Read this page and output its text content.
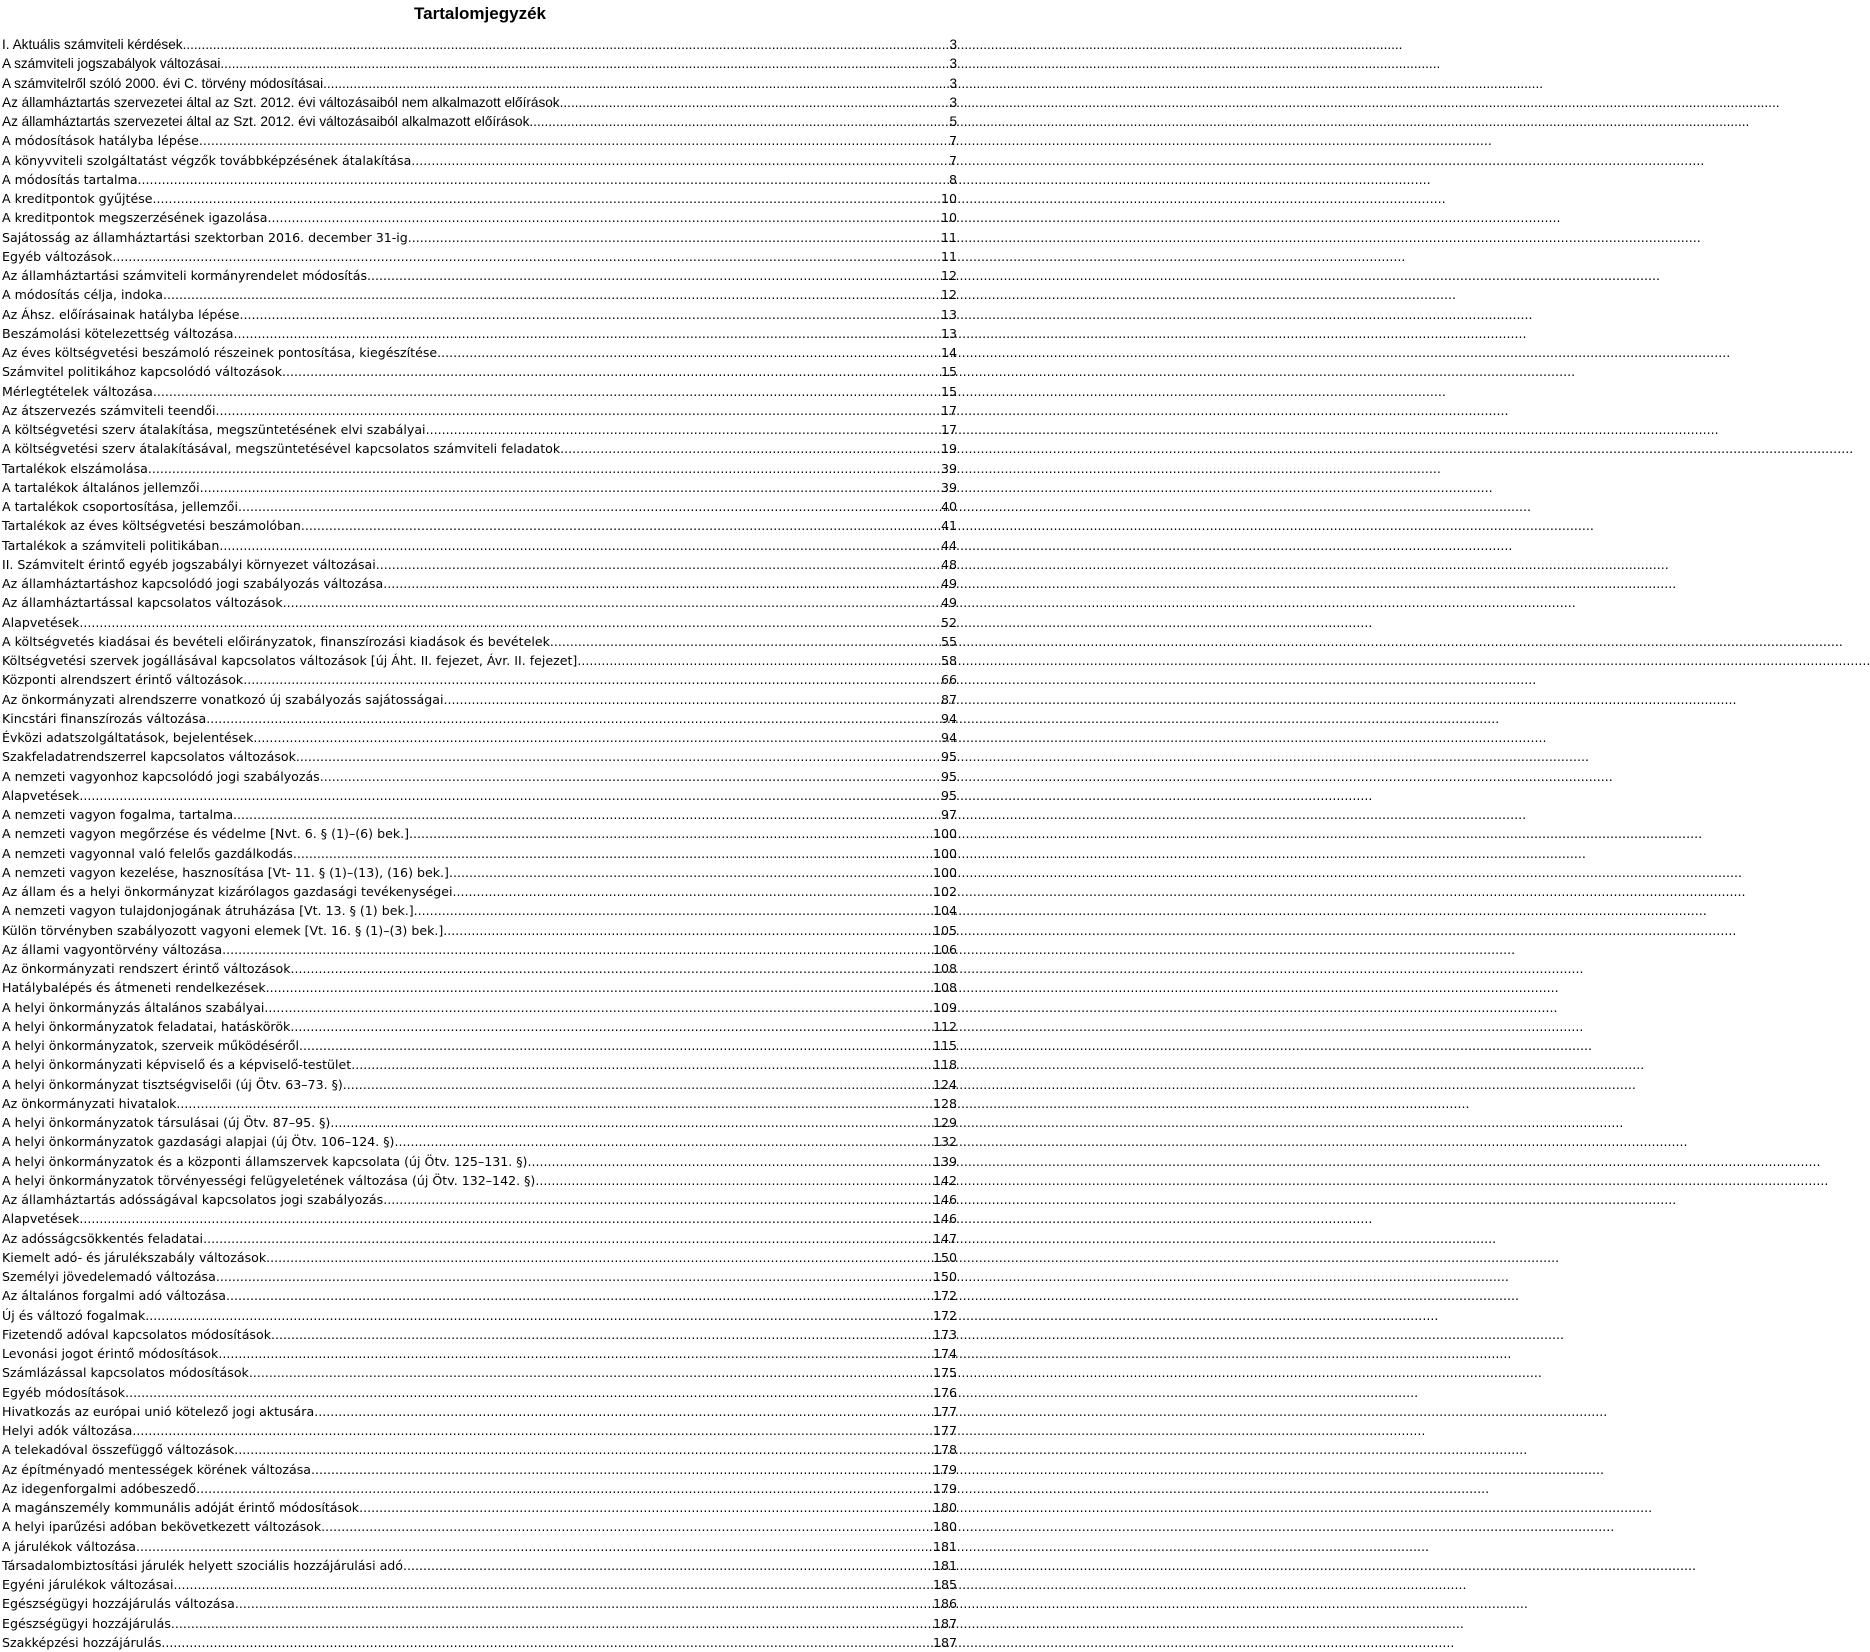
Tartalomjegyzék
I. Aktuális számviteli kérdések .....	3
A számviteli jogszabályok változásai .....	3
A számvitelről szóló 2000. évi C. törvény módosításai .....	3
Az államháztartás szervezetei által az Szt. 2012. évi változásaiból nem alkalmazott előírások .....	3
Az államháztartás szervezetei által az Szt. 2012. évi változásaiból alkalmazott előírások .....	5
A módosítások hatályba lépése .....	7
A könyvviteli szolgáltatást végzők továbbképzésének átalakítása .....	7
A módosítás tartalma .....	8
A kreditpontok gyűjtése .....	10
A kreditpontok megszerzésének igazolása .....	10
Sajátosság az államháztartási szektorban 2016. december 31-ig .....	11
Egyéb változások .....	11
Az államháztartási számviteli kormányrendelet módosítás .....	12
A módosítás célja, indoka .....	12
Az Áhsz. előírásainak hatályba lépése .....	13
Beszámolási kötelezettség változása .....	13
Az éves költségvetési beszámoló részeinek pontosítása, kiegészítése .....	14
Számvitel politikához kapcsolódó változások .....	15
Mérlegtételek változása .....	15
Az átszervezés számviteli teendői .....	17
A költségvetési szerv átalakítása, megszüntetésének elvi szabályai .....	17
A költségvetési szerv átalakításával, megszüntetésével kapcsolatos számviteli feladatok .....	19
Tartalékok elszámolása .....	39
A tartalékok általános jellemzői .....	39
A tartalékok csoportosítása, jellemzői .....	40
Tartalékok az éves költségvetési beszámolóban .....	41
Tartalékok a számviteli politikában .....	44
II. Számvitelt érintő egyéb jogszabályi környezet változásai .....	48
Az államháztartáshoz kapcsolódó jogi szabályozás változása .....	49
Az államháztartással kapcsolatos változások .....	49
Alapvetések .....	52
A költségvetés kiadásai és bevételi előirányzatok, finanszírozási kiadások és bevételek .....	55
Költségvetési szervek jogállásával kapcsolatos változások [új Áht. II. fejezet, Ávr. II. fejezet] .....	58
Központi alrendszert érintő változások .....	66
Az önkormányzati alrendszerre vonatkozó új szabályozás sajátosságai .....	87
Kincstári finanszírozás változása .....	94
Évközi adatszolgáltatások, bejelentések .....	94
Szakfeladatrendszerrel kapcsolatos változások .....	95
A nemzeti vagyonhoz kapcsolódó jogi szabályozás .....	95
Alapvetések .....	95
A nemzeti vagyon fogalma, tartalma .....	97
A nemzeti vagyon megőrzése és védelme [Nvt. 6. § (1)–(6) bek.] .....	100
A nemzeti vagyonnal való felelős gazdálkodás .....	100
A nemzeti vagyon kezelése, hasznosítása [Vt- 11. § (1)–(13), (16) bek.] .....	100
Az állam és a helyi önkormányzat kizárólagos gazdasági tevékenységei .....	102
A nemzeti vagyon tulajdonjogának átruházása [Vt. 13. § (1) bek.] .....	104
Külön törvényben szabályozott vagyoni elemek [Vt. 16. § (1)–(3) bek.] .....	105
Az állami vagyontörvény változása .....	106
Az önkormányzati rendszert érintő változások .....	108
Hatálybalépés és átmeneti rendelkezések .....	108
A helyi önkormányzás általános szabályai .....	109
A helyi önkormányzatok feladatai, hatáskörök .....	112
A helyi önkormányzatok, szerveik működéséről .....	115
A helyi önkormányzati képviselő és a képviselő-testület .....	118
A helyi önkormányzat tisztségviselői (új Ötv. 63–73. §) .....	124
Az önkormányzati hivatalok .....	128
A helyi önkormányzatok társulásai (új Ötv. 87–95. §) .....	129
A helyi önkormányzatok gazdasági alapjai (új Ötv. 106–124. §) .....	132
A helyi önkormányzatok és a központi államszervek kapcsolata (új Ötv. 125–131. §) .....	139
A helyi önkormányzatok törvényességi felügyeletének változása (új Ötv. 132–142. §) .....	142
Az államháztartás adósságával kapcsolatos jogi szabályozás .....	146
Alapvetések .....	146
Az adósságcsökkentés feladatai .....	147
Kiemelt adó- és járulékszabály változások .....	150
Személyi jövedelemadó változása .....	150
Az általános forgalmi adó változása .....	172
Új és változó fogalmak .....	172
Fizetendő adóval kapcsolatos módosítások .....	173
Levonási jogot érintő módosítások .....	174
Számlázással kapcsolatos módosítások .....	175
Egyéb módosítások .....	176
Hivatkozás az európai unió kötelező jogi aktusára .....	177
Helyi adók változása .....	177
A telekadóval összefüggő változások .....	178
Az építményadó mentességek körének változása .....	179
Az idegenforgalmi adóbeszedő .....	179
A magánszemély kommunális adóját érintő módosítások .....	180
A helyi iparűzési adóban bekövetkezett változások .....	180
A járulékok változása .....	181
Társadalombiztosítási járulék helyett szociális hozzájárulási adó .....	181
Egyéni járulékok változásai .....	185
Egészségügyi hozzájárulás változása .....	186
Egészségügyi hozzájárulás .....	187
Szakképzési hozzájárulás .....	187
